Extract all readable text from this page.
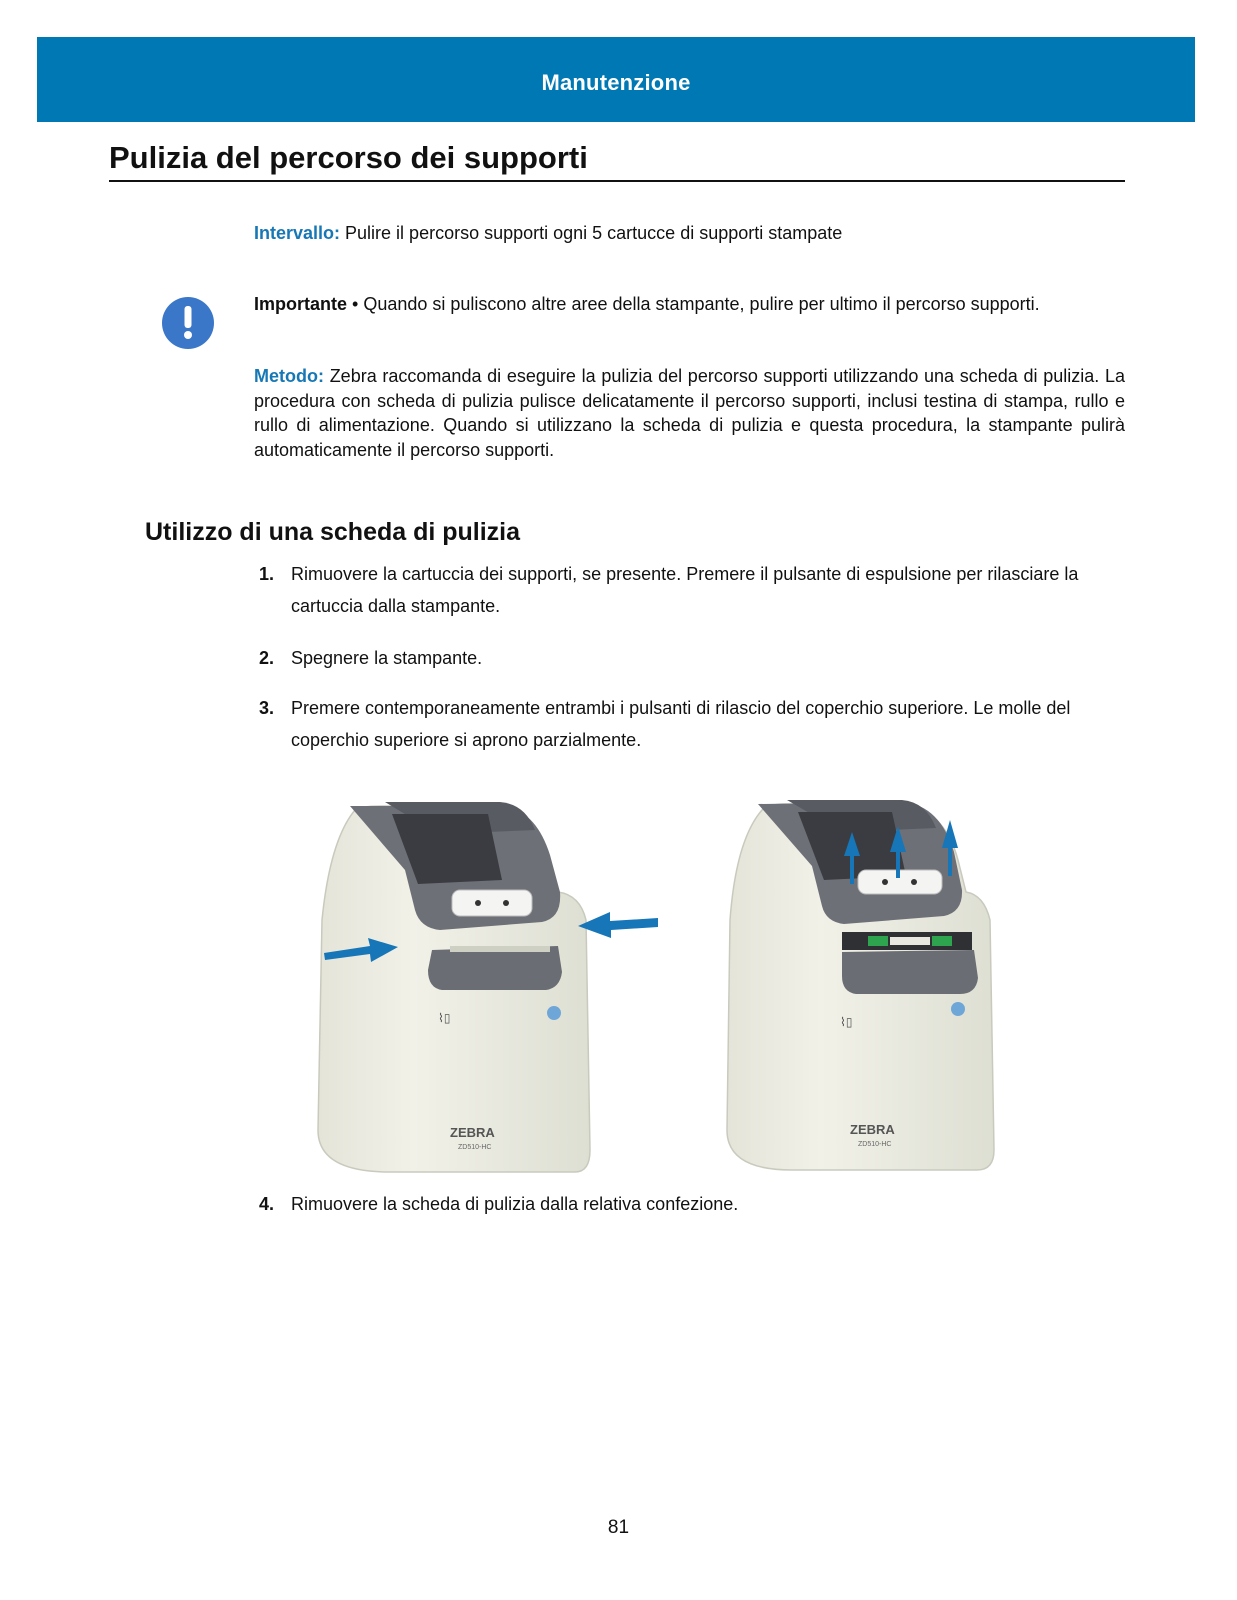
Manutenzione
Pulizia del percorso dei supporti

Intervallo: Pulire il percorso supporti ogni 5 cartucce di supporti stampate

Importante • Quando si puliscono altre aree della stampante, pulire per ultimo il percorso supporti.

Metodo: Zebra raccomanda di eseguire la pulizia del percorso supporti utilizzando una scheda di pulizia. La procedura con scheda di pulizia pulisce delicatamente il percorso supporti, inclusi testina di stampa, rullo e rullo di alimentazione. Quando si utilizzano la scheda di pulizia e questa procedura, la stampante pulirà automaticamente il percorso supporti.

Utilizzo di una scheda di pulizia
1. Rimuovere la cartuccia dei supporti, se presente. Premere il pulsante di espulsione per rilasciare la cartuccia dalla stampante.
2. Spegnere la stampante.
3. Premere contemporaneamente entrambi i pulsanti di rilascio del coperchio superiore. Le molle del coperchio superiore si aprono parzialmente.
⌇▯
ZEBRA
ZD510-HC
⌇▯
ZEBRA
ZD510-HC
4. Rimuovere la scheda di pulizia dalla relativa confezione.
81
